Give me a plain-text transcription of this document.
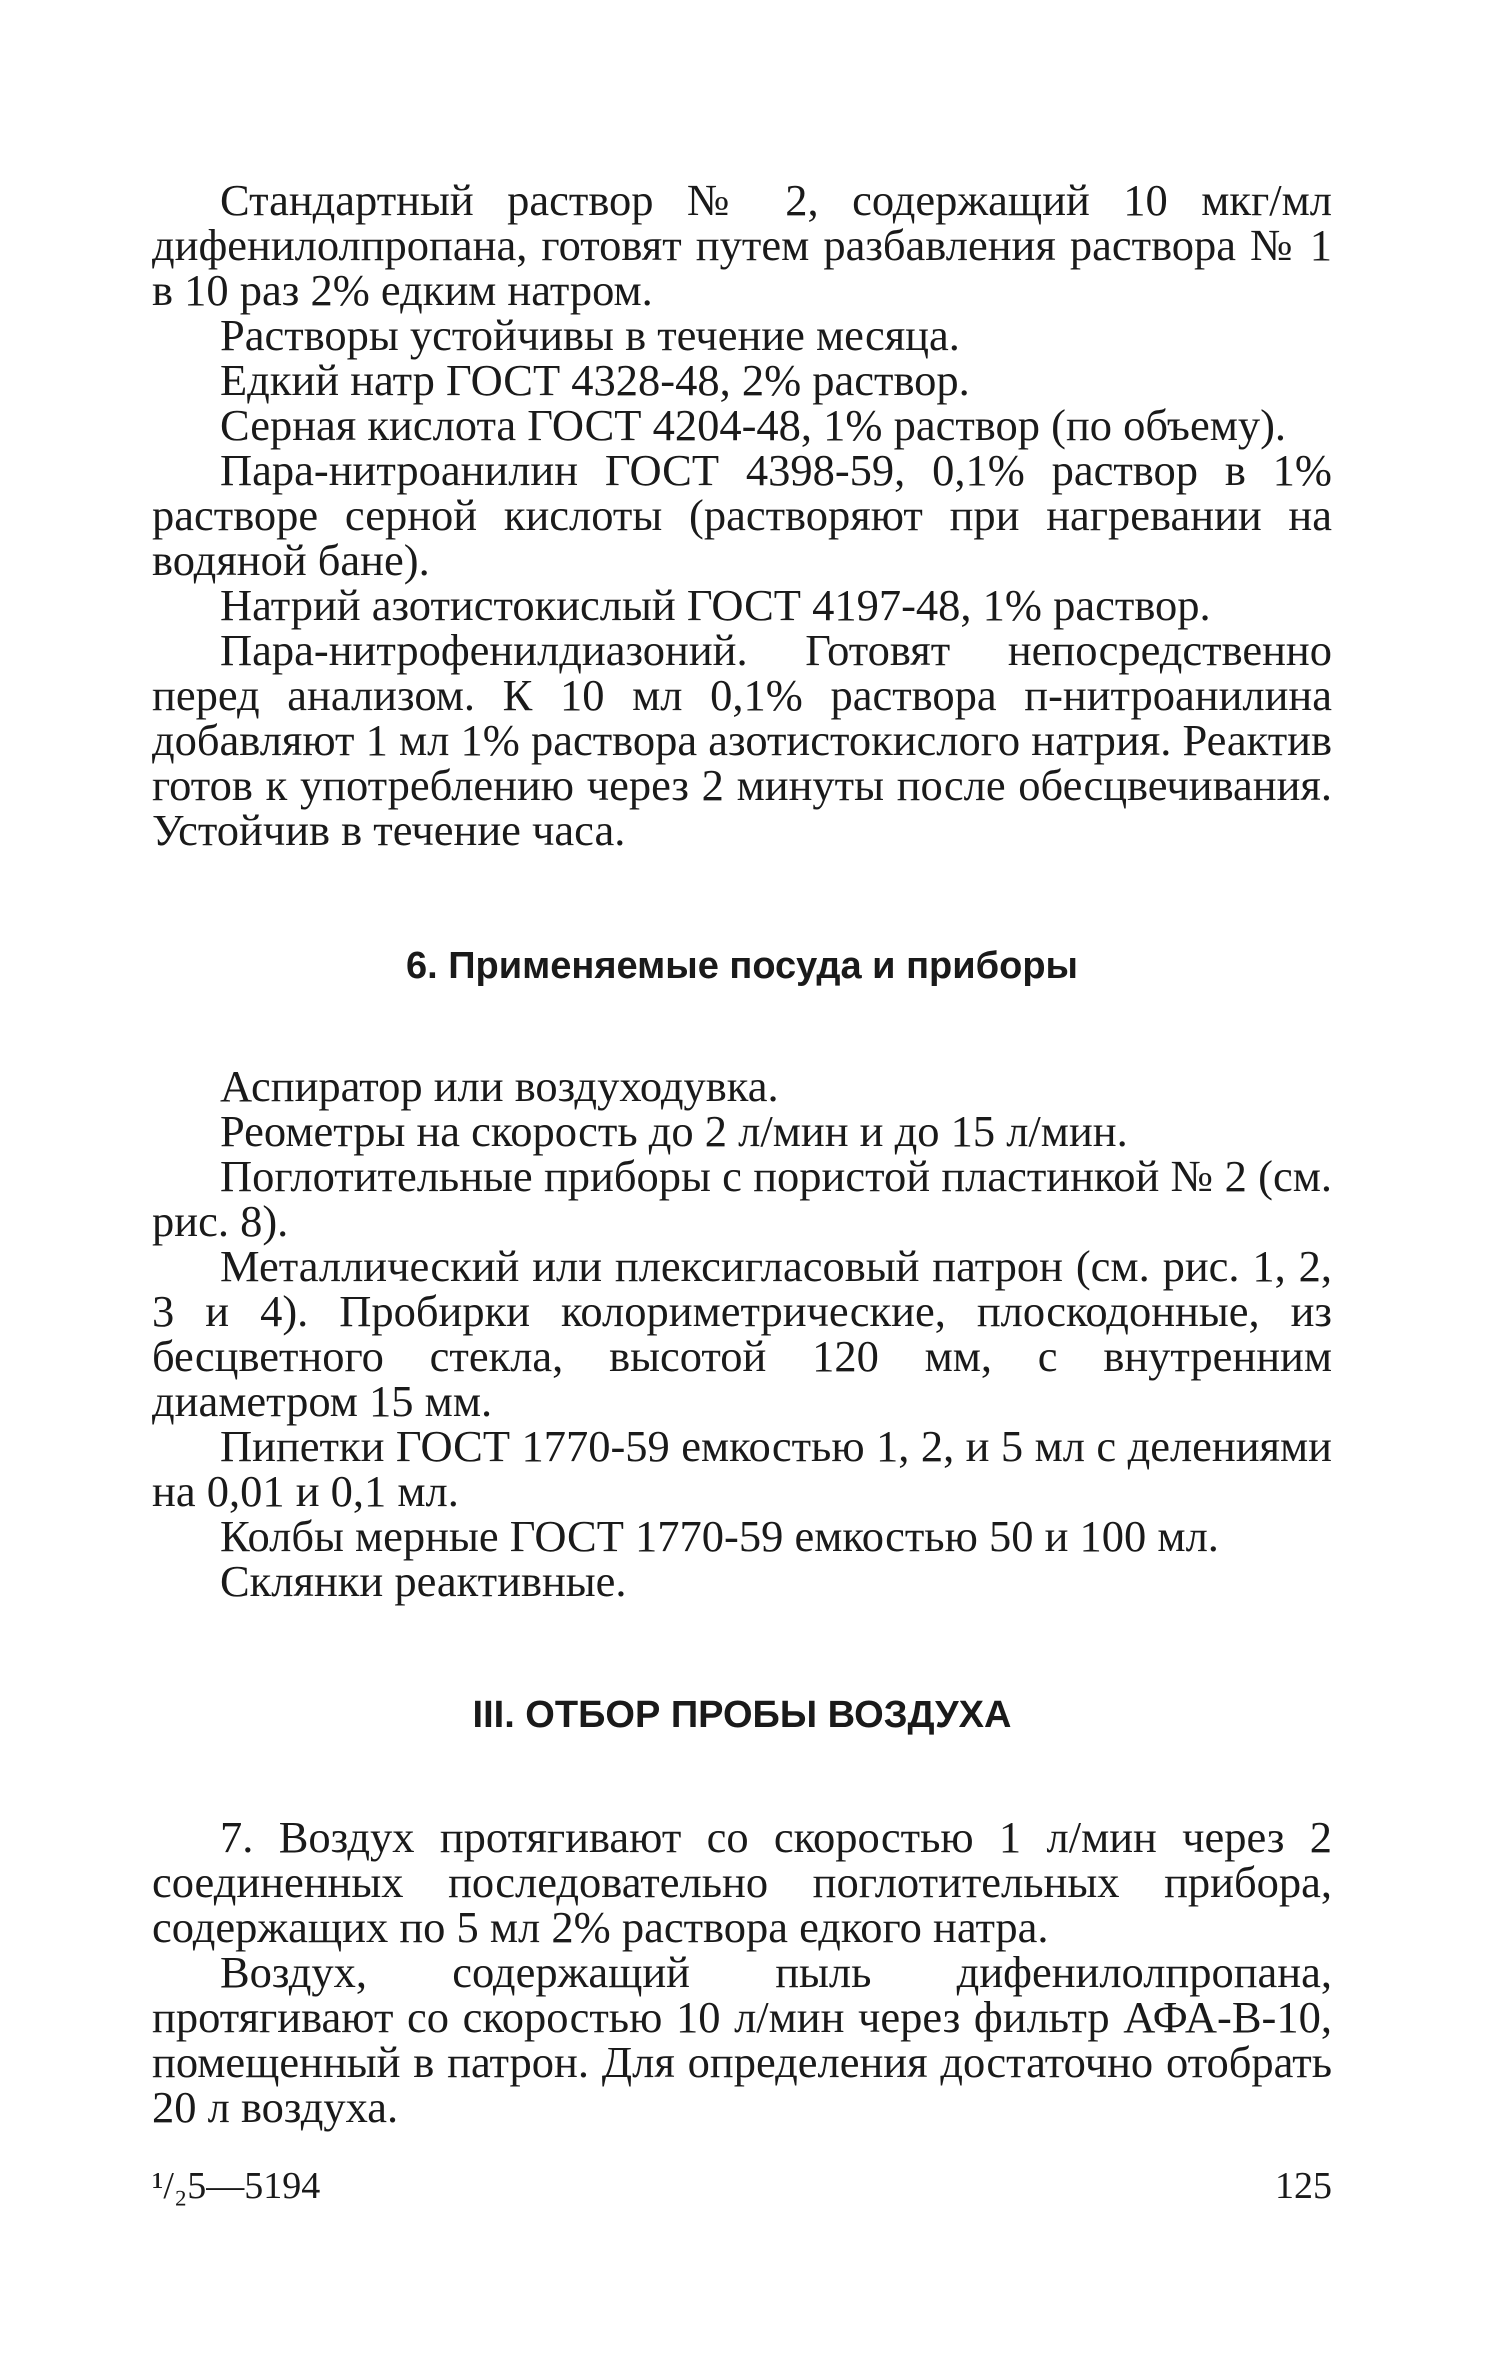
Стандартный раствор № 2, содержащий 10 мкг/мл дифенилолпропана, готовят путем разбавления раствора № 1 в 10 раз 2% едким натром.

Растворы устойчивы в течение месяца.

Едкий натр ГОСТ 4328-48, 2% раствор.

Серная кислота ГОСТ 4204-48, 1% раствор (по объему).

Пара-нитроанилин ГОСТ 4398-59, 0,1% раствор в 1% растворе серной кислоты (растворяют при нагревании на водяной бане).

Натрий азотистокислый ГОСТ 4197-48, 1% раствор.

Пара-нитрофенилдиазоний. Готовят непосредственно перед анализом. К 10 мл 0,1% раствора п-нитроанилина добавляют 1 мл 1% раствора азотистокислого натрия. Реактив готов к употреблению через 2 минуты после обесцвечивания. Устойчив в течение часа.

6. Применяемые посуда и приборы

Аспиратор или воздуходувка.

Реометры на скорость до 2 л/мин и до 15 л/мин.

Поглотительные приборы с пористой пластинкой № 2 (см. рис. 8).

Металлический или плексигласовый патрон (см. рис. 1, 2, 3 и 4). Пробирки колориметрические, плоскодонные, из бесцветного стекла, высотой 120 мм, с внутренним диаметром 15 мм.

Пипетки ГОСТ 1770-59 емкостью 1, 2, и 5 мл с делениями на 0,01 и 0,1 мл.

Колбы мерные ГОСТ 1770-59 емкостью 50 и 100 мл.

Склянки реактивные.

III. ОТБОР ПРОБЫ ВОЗДУХА

7. Воздух протягивают со скоростью 1 л/мин через 2 соединенных последовательно поглотительных прибора, содержащих по 5 мл 2% раствора едкого натра.

Воздух, содержащий пыль дифенилолпропана, протягивают со скоростью 10 л/мин через фильтр АФА-В-10, помещенный в патрон. Для определения достаточно отобрать 20 л воздуха.

¹/₂5—5194	125
